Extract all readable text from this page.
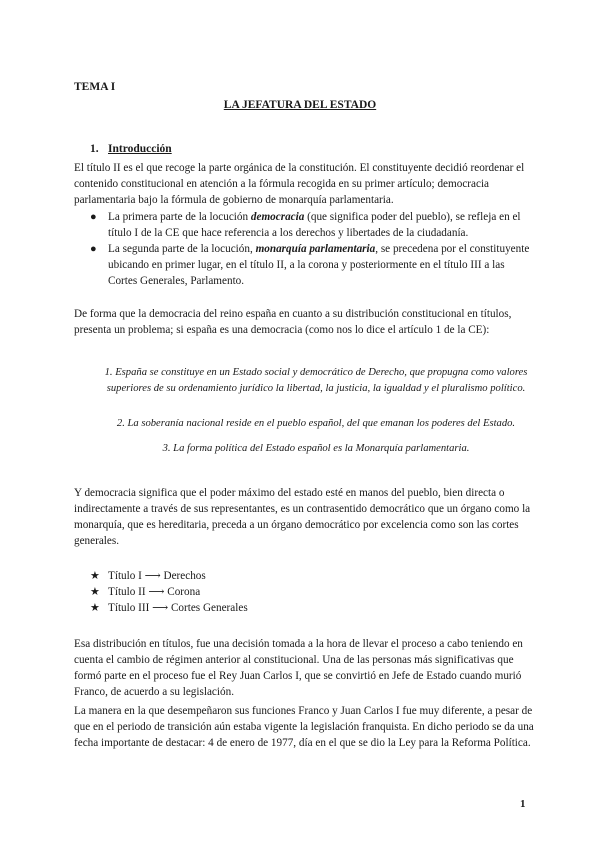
TEMA I
LA JEFATURA DEL ESTADO
1. Introducción
El título II es el que recoge la parte orgánica de la constitución. El constituyente decidió reordenar el contenido constitucional en atención a la fórmula recogida en su primer artículo; democracia parlamentaria bajo la fórmula de gobierno de monarquía parlamentaria.
● La primera parte de la locución democracia (que significa poder del pueblo), se refleja en el título I de la CE que hace referencia a los derechos y libertades de la ciudadanía.
● La segunda parte de la locución, monarquía parlamentaria, se precedena por el constituyente ubicando en primer lugar, en el título II, a la corona y posteriormente en el título III a las Cortes Generales, Parlamento.
De forma que la democracia del reino españa en cuanto a su distribución constitucional en títulos, presenta un problema; si españa es una democracia (como nos lo dice el artículo 1 de la CE):
1. España se constituye en un Estado social y democrático de Derecho, que propugna como valores superiores de su ordenamiento jurídico la libertad, la justicia, la igualdad y el pluralismo político.
2. La soberanía nacional reside en el pueblo español, del que emanan los poderes del Estado.
3. La forma política del Estado español es la Monarquía parlamentaria.
Y democracia significa que el poder máximo del estado esté en manos del pueblo, bien directa o indirectamente a través de sus representantes, es un contrasentido democrático que un órgano como la monarquía, que es hereditaria, preceda a un órgano democrático por excelencia como son las cortes generales.
★ Título I ⟶ Derechos
★ Título II ⟶ Corona
★ Título III ⟶ Cortes Generales
Esa distribución en títulos, fue una decisión tomada a la hora de llevar el proceso a cabo teniendo en cuenta el cambio de régimen anterior al constitucional. Una de las personas más significativas que formó parte en el proceso fue el Rey Juan Carlos I, que se convirtió en Jefe de Estado cuando murió Franco, de acuerdo a su legislación.
La manera en la que desempeñaron sus funciones Franco y Juan Carlos I fue muy diferente, a pesar de que en el periodo de transición aún estaba vigente la legislación franquista. En dicho periodo se da una fecha importante de destacar: 4 de enero de 1977, día en el que se dio la Ley para la Reforma Política.
1
